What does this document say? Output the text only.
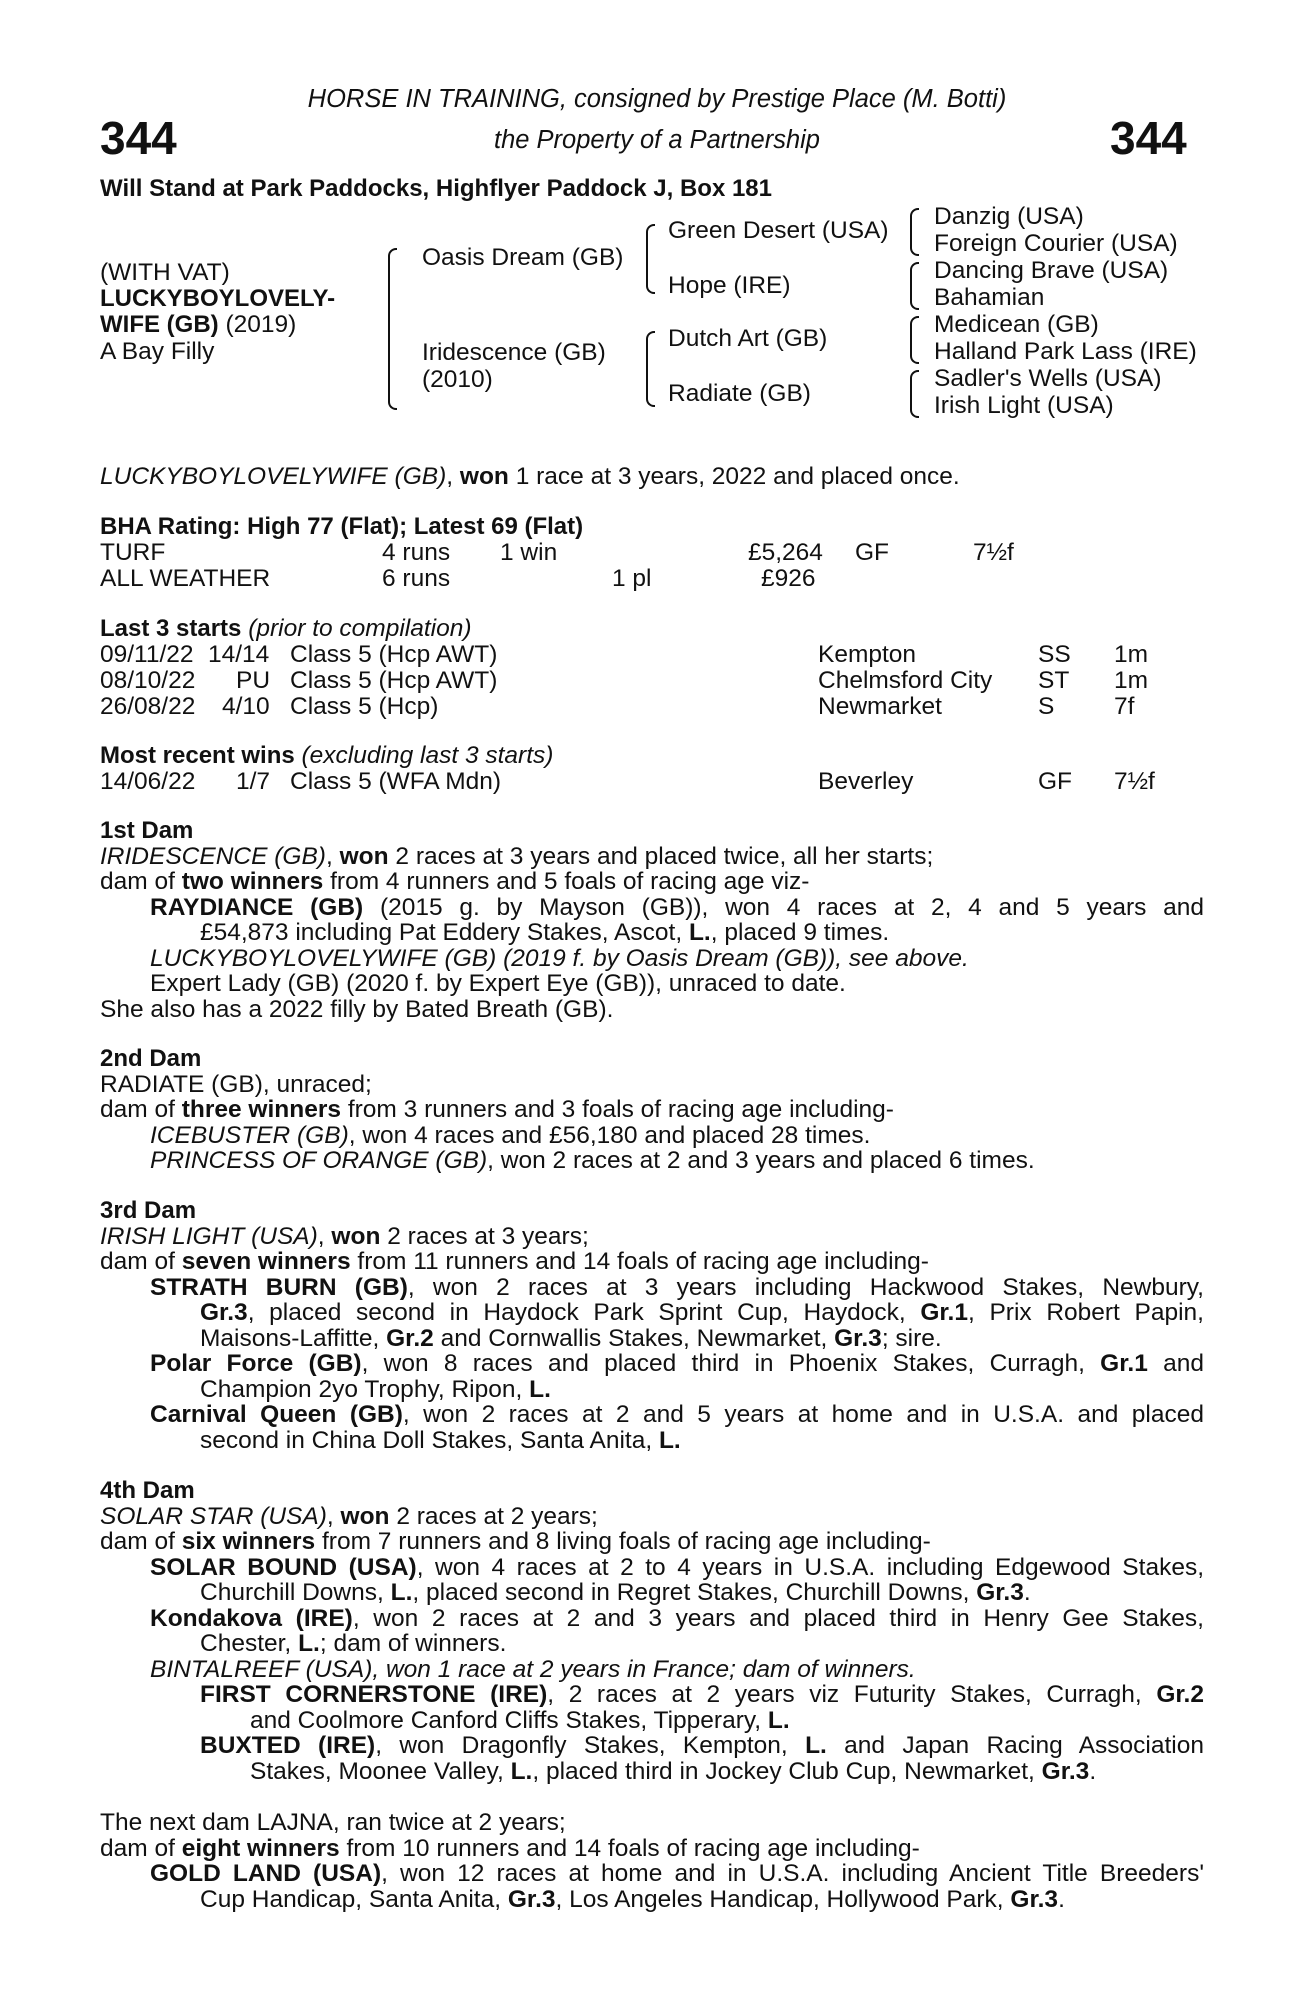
344	344
HORSE IN TRAINING, consigned by Prestige Place (M. Botti)
the Property of a Partnership
Will Stand at Park Paddocks, Highflyer Paddock J, Box 181
(WITH VAT)
LUCKYBOYLOVELY-
WIFE (GB) (2019)
A Bay Filly
Oasis Dream (GB)
Iridescence (GB)
(2010)
Green Desert (USA)
Hope (IRE)
Dutch Art (GB)
Radiate (GB)
Danzig (USA)
Foreign Courier (USA)
Dancing Brave (USA)
Bahamian
Medicean (GB)
Halland Park Lass (IRE)
Sadler's Wells (USA)
Irish Light (USA)
LUCKYBOYLOVELYWIFE (GB), won 1 race at 3 years, 2022 and placed once.
BHA Rating: High 77 (Flat); Latest 69 (Flat)
TURF	4 runs 1 win	£5,264 GF	7½f
ALL WEATHER	6 runs	1 pl	£926
Last 3 starts (prior to compilation)
09/11/22 14/14 Class 5 (Hcp AWT)	Kempton	SS 1m
08/10/22 PU Class 5 (Hcp AWT)	Chelmsford City ST 1m
26/08/22 4/10 Class 5 (Hcp)	Newmarket	S 7f
Most recent wins (excluding last 3 starts)
14/06/22 1/7 Class 5 (WFA Mdn)	Beverley	GF 7½f
1st Dam
IRIDESCENCE (GB), won 2 races at 3 years and placed twice, all her starts;
dam of two winners from 4 runners and 5 foals of racing age viz-
RAYDIANCE (GB) (2015 g. by Mayson (GB)), won 4 races at 2, 4 and 5 years and
£54,873 including Pat Eddery Stakes, Ascot, L., placed 9 times.
LUCKYBOYLOVELYWIFE (GB) (2019 f. by Oasis Dream (GB)), see above.
Expert Lady (GB) (2020 f. by Expert Eye (GB)), unraced to date.
She also has a 2022 filly by Bated Breath (GB).
2nd Dam
RADIATE (GB), unraced;
dam of three winners from 3 runners and 3 foals of racing age including-
ICEBUSTER (GB), won 4 races and £56,180 and placed 28 times.
PRINCESS OF ORANGE (GB), won 2 races at 2 and 3 years and placed 6 times.
3rd Dam
IRISH LIGHT (USA), won 2 races at 3 years;
dam of seven winners from 11 runners and 14 foals of racing age including-
STRATH BURN (GB), won 2 races at 3 years including Hackwood Stakes, Newbury,
Gr.3, placed second in Haydock Park Sprint Cup, Haydock, Gr.1, Prix Robert Papin,
Maisons-Laffitte, Gr.2 and Cornwallis Stakes, Newmarket, Gr.3; sire.
Polar Force (GB), won 8 races and placed third in Phoenix Stakes, Curragh, Gr.1 and
Champion 2yo Trophy, Ripon, L.
Carnival Queen (GB), won 2 races at 2 and 5 years at home and in U.S.A. and placed
second in China Doll Stakes, Santa Anita, L.
4th Dam
SOLAR STAR (USA), won 2 races at 2 years;
dam of six winners from 7 runners and 8 living foals of racing age including-
SOLAR BOUND (USA), won 4 races at 2 to 4 years in U.S.A. including Edgewood Stakes,
Churchill Downs, L., placed second in Regret Stakes, Churchill Downs, Gr.3.
Kondakova (IRE), won 2 races at 2 and 3 years and placed third in Henry Gee Stakes,
Chester, L.; dam of winners.
BINTALREEF (USA), won 1 race at 2 years in France; dam of winners.
FIRST CORNERSTONE (IRE), 2 races at 2 years viz Futurity Stakes, Curragh, Gr.2
and Coolmore Canford Cliffs Stakes, Tipperary, L.
BUXTED (IRE), won Dragonfly Stakes, Kempton, L. and Japan Racing Association
Stakes, Moonee Valley, L., placed third in Jockey Club Cup, Newmarket, Gr.3.
The next dam LAJNA, ran twice at 2 years;
dam of eight winners from 10 runners and 14 foals of racing age including-
GOLD LAND (USA), won 12 races at home and in U.S.A. including Ancient Title Breeders'
Cup Handicap, Santa Anita, Gr.3, Los Angeles Handicap, Hollywood Park, Gr.3.
